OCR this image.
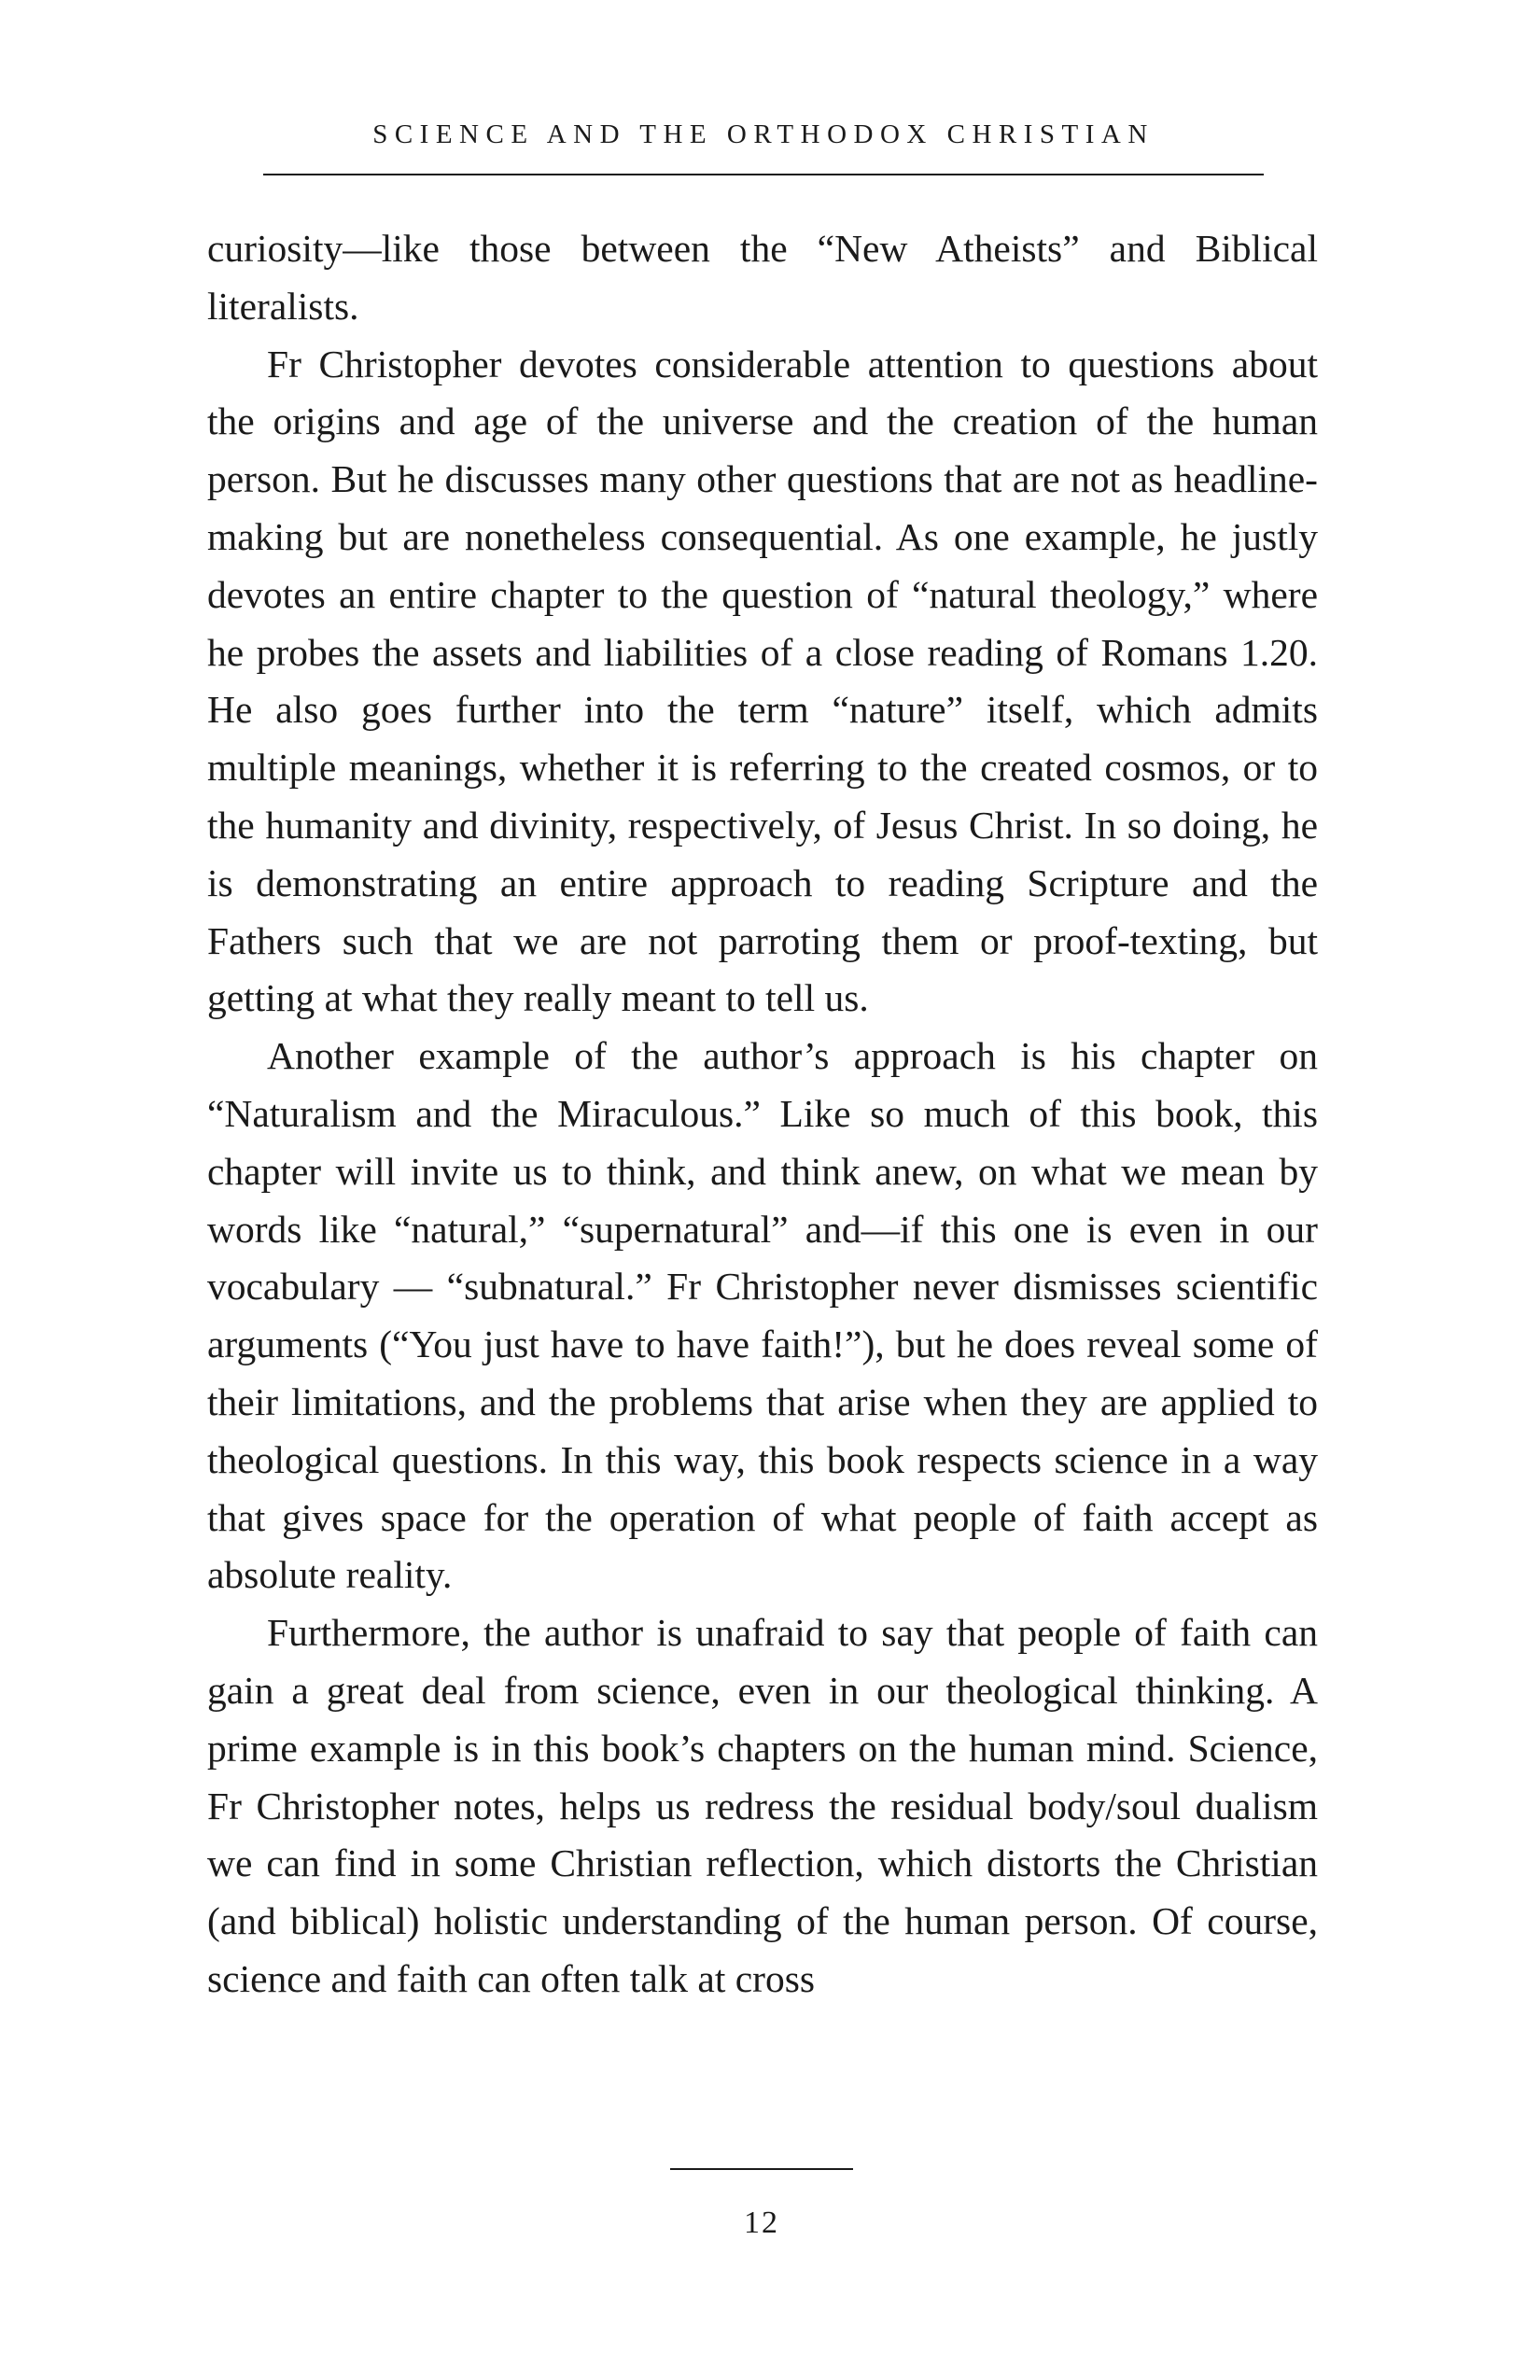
SCIENCE AND THE ORTHODOX CHRISTIAN

curiosity—like those between the “New Atheists” and Biblical literalists.

Fr Christopher devotes considerable attention to questions about the origins and age of the universe and the creation of the human person. But he discusses many other questions that are not as headline-making but are nonetheless consequential. As one example, he justly devotes an entire chapter to the question of “natural theology,” where he probes the assets and liabilities of a close reading of Romans 1.20. He also goes further into the term “nature” itself, which admits multiple meanings, whether it is referring to the created cosmos, or to the humanity and divinity, respectively, of Jesus Christ. In so doing, he is demonstrating an entire approach to reading Scripture and the Fathers such that we are not parroting them or proof-texting, but getting at what they really meant to tell us.

Another example of the author’s approach is his chapter on “Naturalism and the Miraculous.” Like so much of this book, this chapter will invite us to think, and think anew, on what we mean by words like “natural,” “supernatural” and—if this one is even in our vocabulary — “subnatural.” Fr Christopher never dismisses scientific arguments (“You just have to have faith!”), but he does reveal some of their limitations, and the problems that arise when they are applied to theological questions. In this way, this book respects science in a way that gives space for the operation of what people of faith accept as absolute reality.

Furthermore, the author is unafraid to say that people of faith can gain a great deal from science, even in our theological thinking. A prime example is in this book’s chapters on the human mind. Science, Fr Christopher notes, helps us redress the residual body/soul dualism we can find in some Christian reflection, which distorts the Christian (and biblical) holistic understanding of the human person. Of course, science and faith can often talk at cross

12
